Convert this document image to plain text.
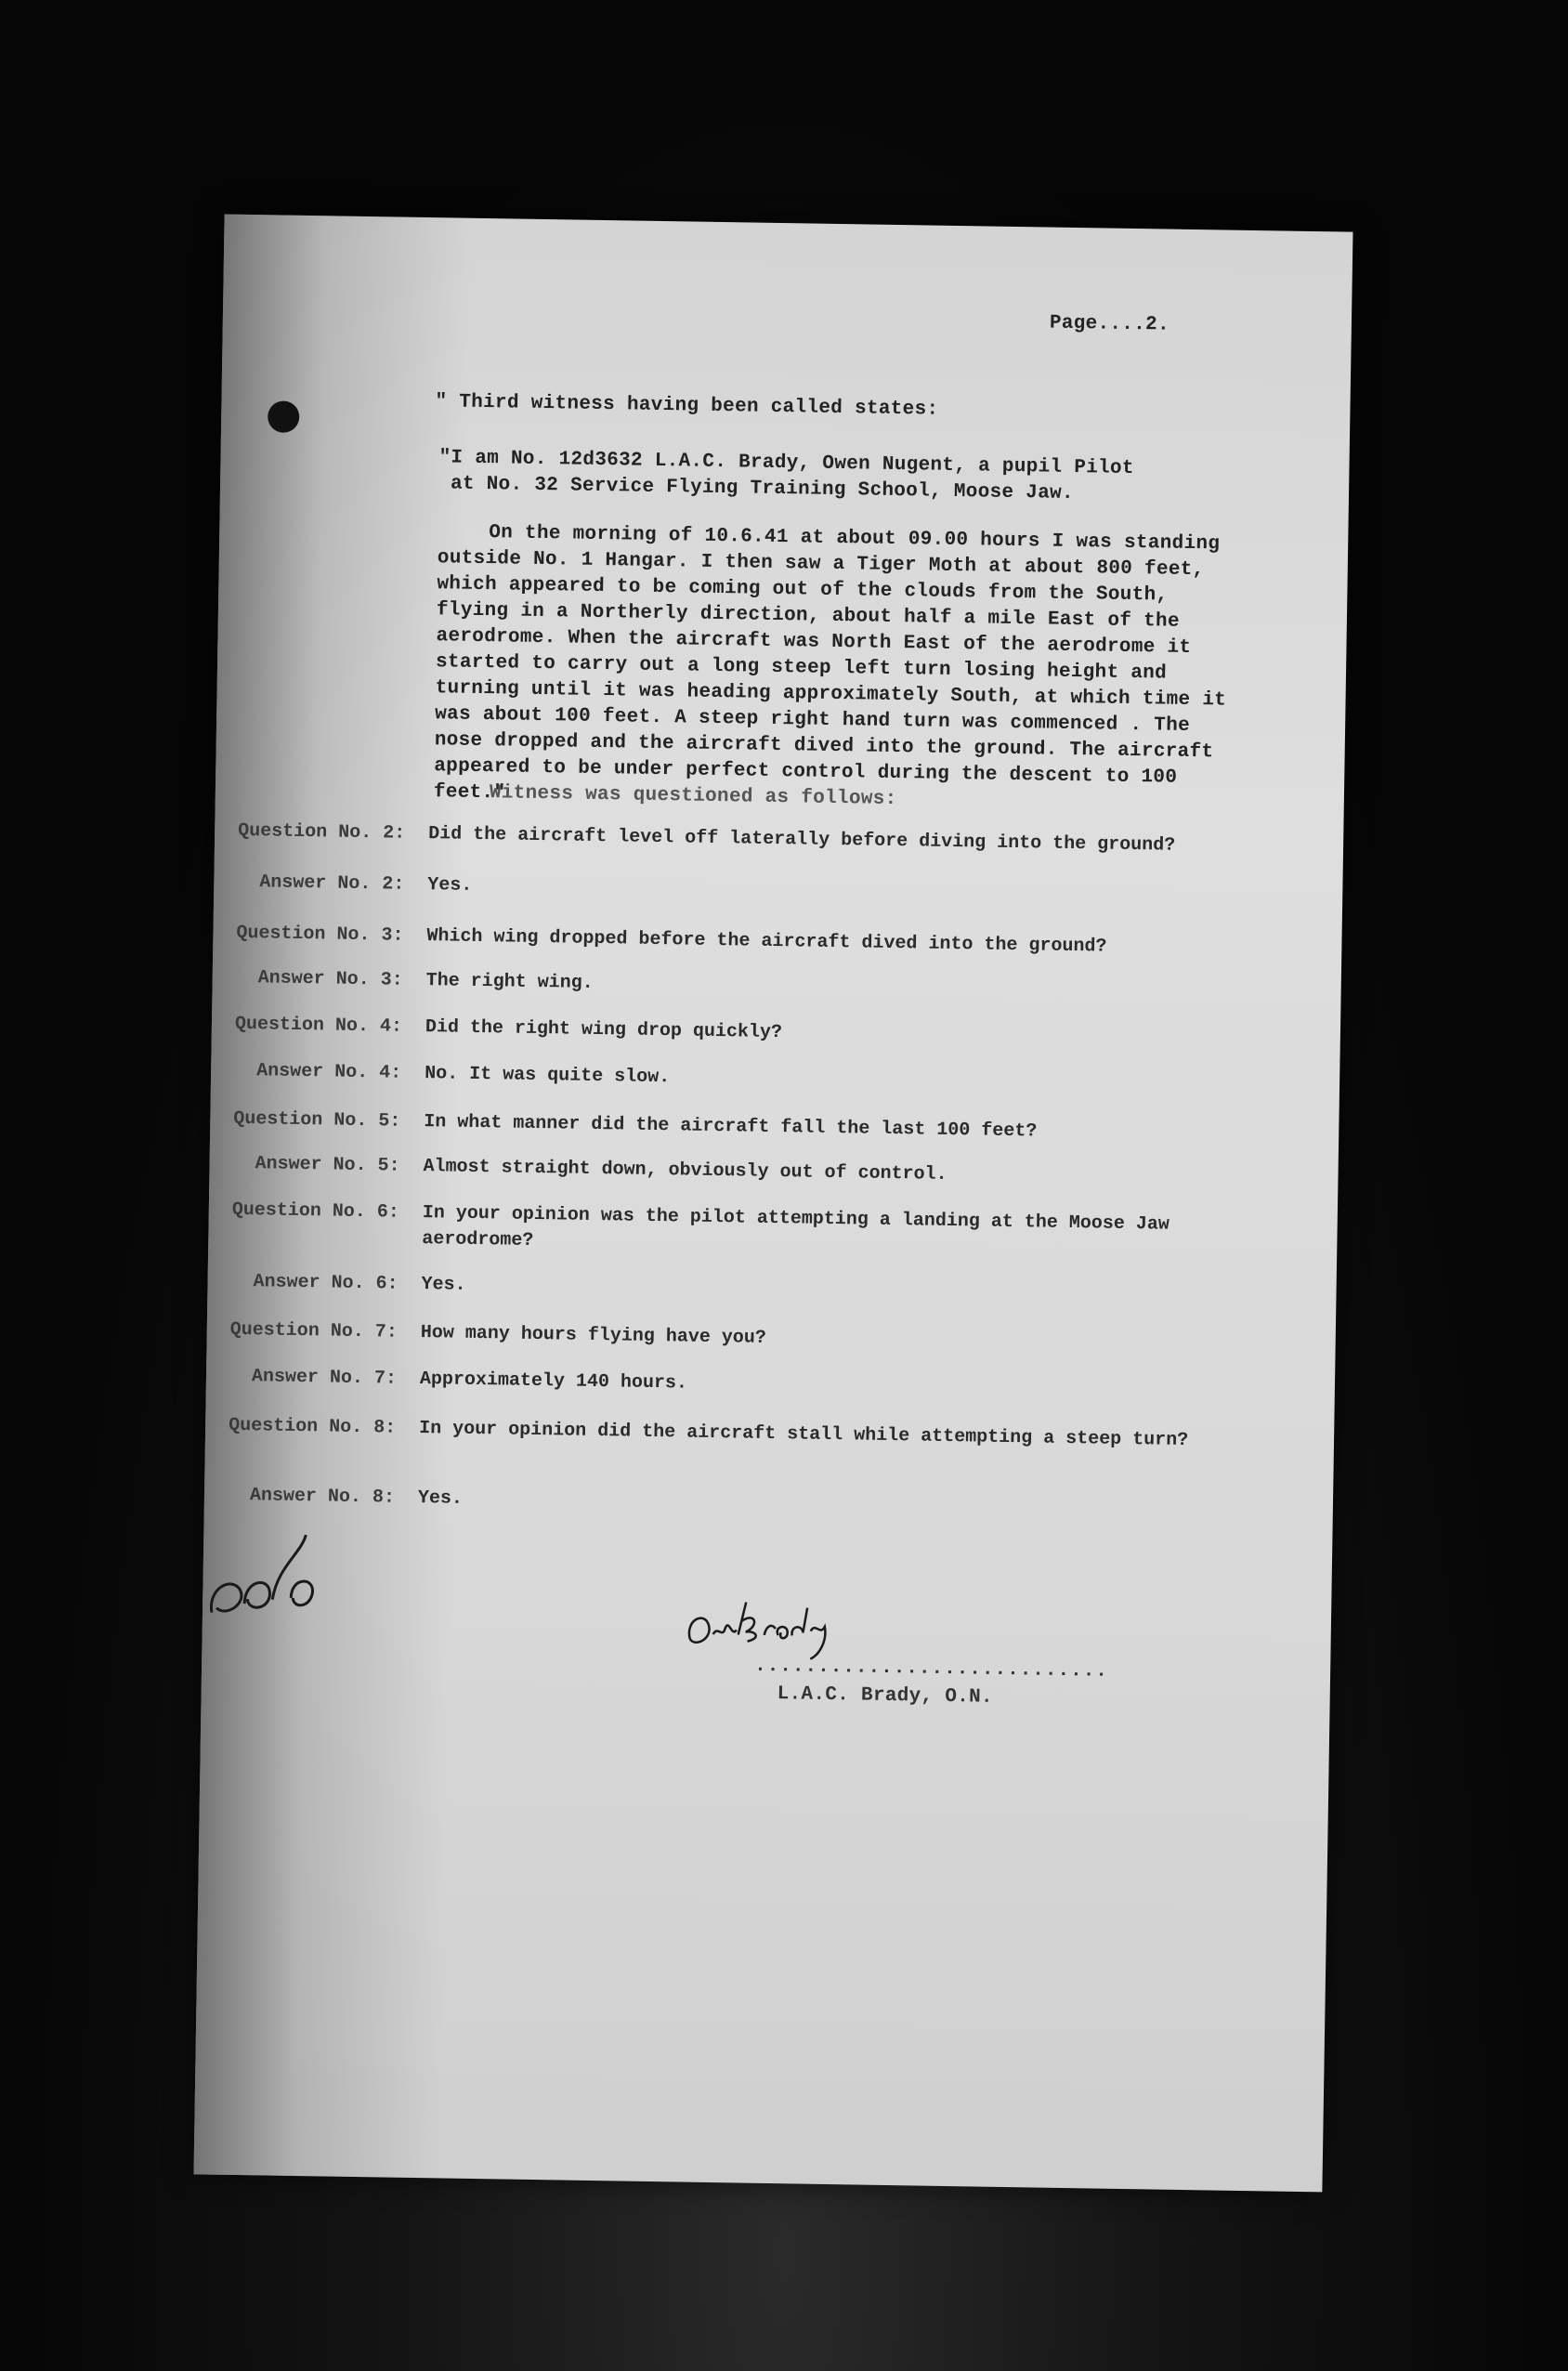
Page....2.
" Third witness having been called states:
"I am No. 12d3632 L.A.C. Brady, Owen Nugent, a pupil Pilot
at No. 32 Service Flying Training School, Moose Jaw.
On the morning of 10.6.41 at about 09.00 hours I was standing outside No. 1 Hangar. I then saw a Tiger Moth at about 800 feet, which appeared to be coming out of the clouds from the South, flying in a Northerly direction, about half a mile East of the aerodrome. When the aircraft was North East of the aerodrome it started to carry out a long steep left turn losing height and turning until it was heading approximately South, at which time it was about 100 feet. A steep right hand turn was commenced . The nose dropped and the aircraft dived into the ground. The aircraft appeared to be under perfect control during the descent to 100 feet."
Witness was questioned as follows:
Question No. 2: Did the aircraft level off laterally before diving into the ground?
Answer No. 2: Yes.
Question No. 3: Which wing dropped before the aircraft dived into the ground?
Answer No. 3: The right wing.
Question No. 4: Did the right wing drop quickly?
Answer No. 4: No. It was quite slow.
Question No. 5: In what manner did the aircraft fall the last 100 feet?
Answer No. 5: Almost straight down, obviously out of control.
Question No. 6: In your opinion was the pilot attempting a landing at the Moose Jaw aerodrome?
Answer No. 6: Yes.
Question No. 7: How many hours flying have you?
Answer No. 7: Approximately 140 hours.
Question No. 8: In your opinion did the aircraft stall while attempting a steep turn?
Answer No. 8: Yes.
............................
L.A.C. Brady, O.N.
